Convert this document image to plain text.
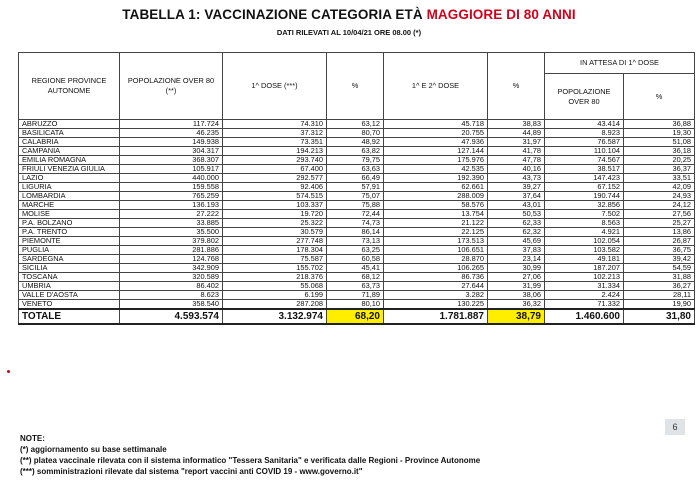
TABELLA 1: VACCINAZIONE CATEGORIA ETÀ MAGGIORE DI 80 ANNI
DATI RILEVATI AL 10/04/21 ORE 08.00 (*)
REGIONE PROVINCE AUTONOME	POPOLAZIONE OVER 80 (**)	1^ DOSE (***)	%	1^ E 2^ DOSE	%	IN ATTESA DI 1^ DOSE	
						POPOLAZIONE OVER 80	%
ABRUZZO	117.724	74.310	63,12	45.718	38,83	43.414	36,88
BASILICATA	46.235	37.312	80,70	20.755	44,89	8.923	19,30
CALABRIA	149.938	73.351	48,92	47.936	31,97	76.587	51,08
CAMPANIA	304.317	194.213	63,82	127.144	41,78	110.104	36,18
EMILIA ROMAGNA	368.307	293.740	79,75	175.976	47,78	74.567	20,25
FRIULI VENEZIA GIULIA	105.917	67.400	63,63	42.535	40,16	38.517	36,37
LAZIO	440.000	292.577	66,49	192.390	43,73	147.423	33,51
LIGURIA	159.558	92.406	57,91	62.661	39,27	67.152	42,09
LOMBARDIA	765.259	574.515	75,07	288.009	37,64	190.744	24,93
MARCHE	136.193	103.337	75,88	58.576	43,01	32.856	24,12
MOLISE	27.222	19.720	72,44	13.754	50,53	7.502	27,56
P.A. BOLZANO	33.885	25.322	74,73	21.122	62,33	8.563	25,27
P.A. TRENTO	35.500	30.579	86,14	22.125	62,32	4.921	13,86
PIEMONTE	379.802	277.748	73,13	173.513	45,69	102.054	26,87
PUGLIA	281.886	178.304	63,25	106.651	37,83	103.582	36,75
SARDEGNA	124.768	75.587	60,58	28.870	23,14	49.181	39,42
SICILIA	342.909	155.702	45,41	106.265	30,99	187.207	54,59
TOSCANA	320.589	218.376	68,12	86.736	27,06	102.213	31,88
UMBRIA	86.402	55.068	63,73	27.644	31,99	31.334	36,27
VALLE D'AOSTA	8.623	6.199	71,89	3.282	38,06	2.424	28,11
VENETO	358.540	287.208	80,10	130.225	36,32	71.332	19,90
TOTALE	4.593.574	3.132.974	68,20	1.781.887	38,79	1.460.600	31,80
6
NOTE:
(*) aggiornamento su base settimanale
(**) platea vaccinale rilevata con il sistema informatico "Tessera Sanitaria" e verificata dalle Regioni - Province Autonome
(***) somministrazioni rilevate dal sistema "report vaccini anti COVID 19 - www.governo.it"
